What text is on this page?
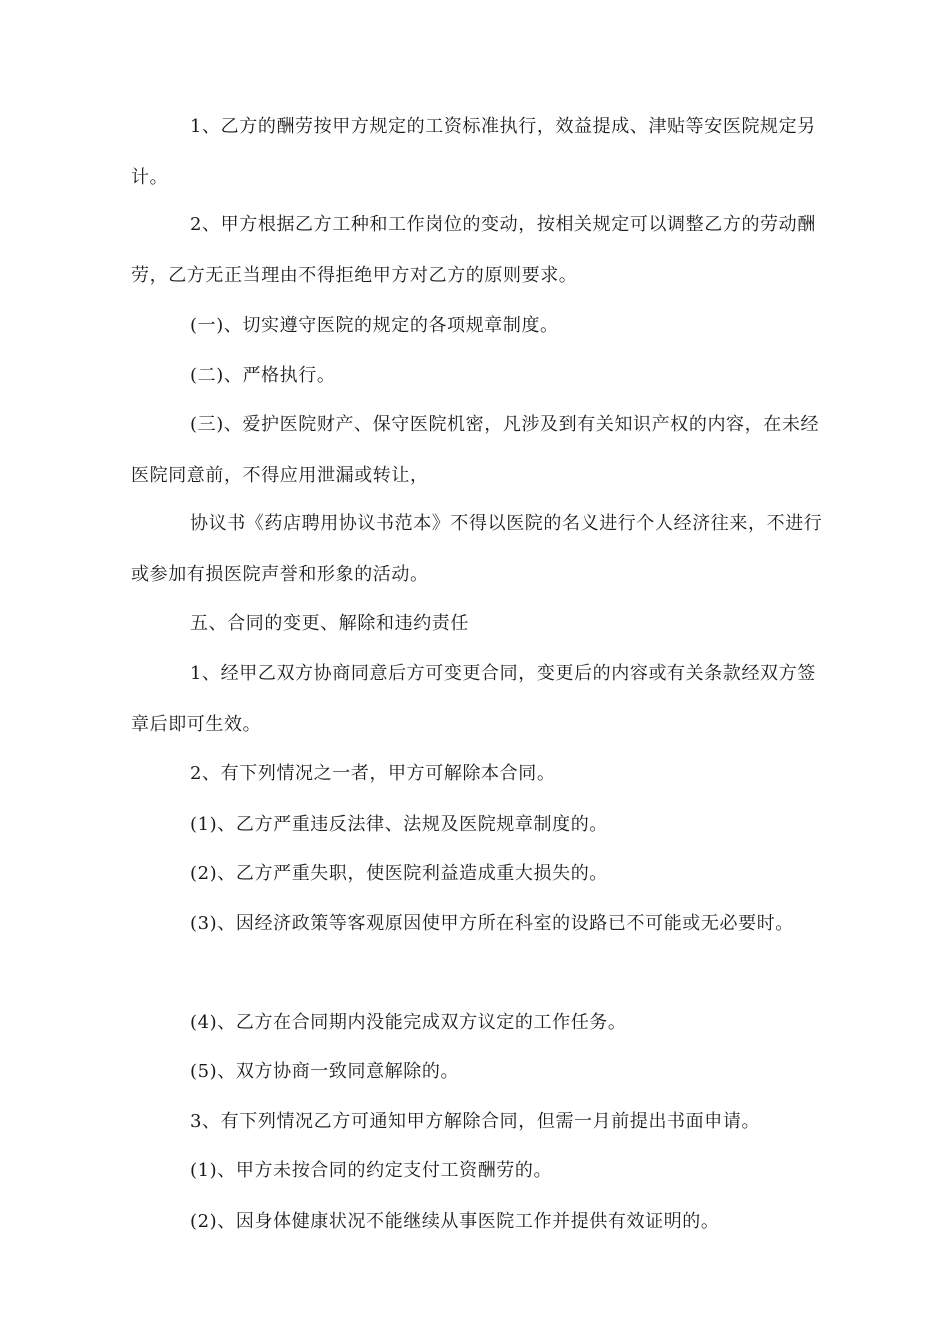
1、乙方的酬劳按甲方规定的工资标准执行，效益提成、津贴等安医院规定另计。

2、甲方根据乙方工种和工作岗位的变动，按相关规定可以调整乙方的劳动酬劳，乙方无正当理由不得拒绝甲方对乙方的原则要求。

(一)、切实遵守医院的规定的各项规章制度。

(二)、严格执行。

(三)、爱护医院财产、保守医院机密，凡涉及到有关知识产权的内容，在未经医院同意前，不得应用泄漏或转让，

协议书《药店聘用协议书范本》不得以医院的名义进行个人经济往来，不进行或参加有损医院声誉和形象的活动。

五、合同的变更、解除和违约责任

1、经甲乙双方协商同意后方可变更合同，变更后的内容或有关条款经双方签章后即可生效。

2、有下列情况之一者，甲方可解除本合同。

(1)、乙方严重违反法律、法规及医院规章制度的。

(2)、乙方严重失职，使医院利益造成重大损失的。

(3)、因经济政策等客观原因使甲方所在科室的设路已不可能或无必要时。

(4)、乙方在合同期内没能完成双方议定的工作任务。

(5)、双方协商一致同意解除的。

3、有下列情况乙方可通知甲方解除合同，但需一月前提出书面申请。

(1)、甲方未按合同的约定支付工资酬劳的。

(2)、因身体健康状况不能继续从事医院工作并提供有效证明的。
